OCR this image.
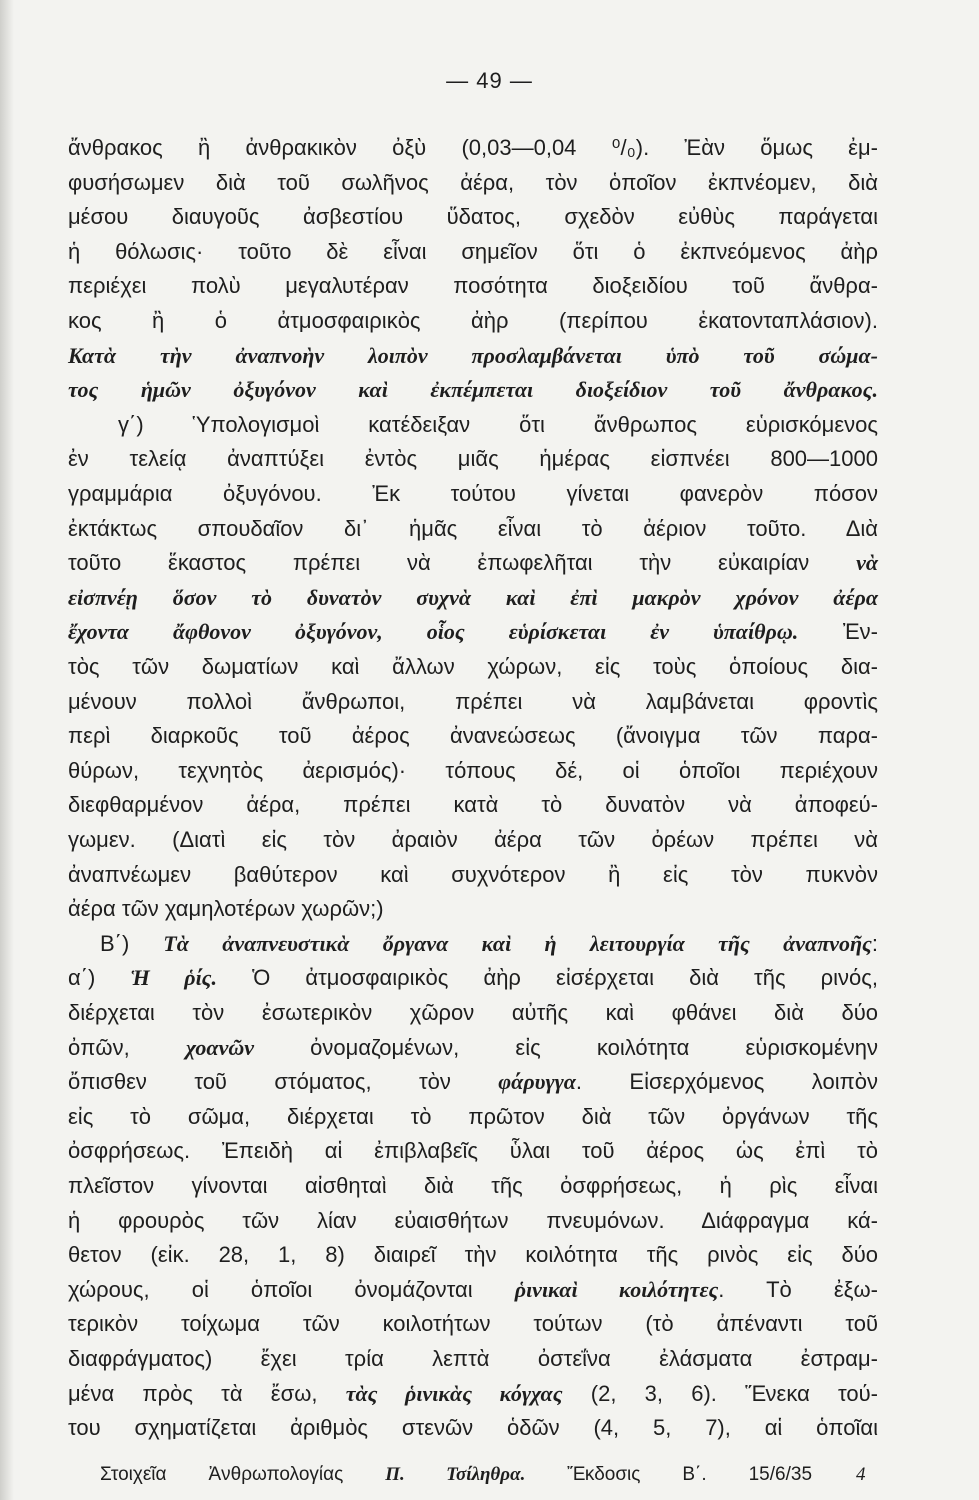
— 49 —
ἄνθρακος ἢ ἀνθρακικὸν ὀξὺ (0,03—0,04 ⁰/₀). Ἐὰν ὅμως ἐμ-
φυσήσωμεν διὰ τοῦ σωλῆνος ἀέρα, τὸν ὁποῖον ἐκπνέομεν, διὰ
μέσου διαυγοῦς ἀσβεστίου ὕδατος, σχεδὸν εὐθὺς παράγεται
ἡ θόλωσις· τοῦτο δὲ εἶναι σημεῖον ὅτι ὁ ἐκπνεόμενος ἀὴρ
περιέχει πολὺ μεγαλυτέραν ποσότητα διοξειδίου τοῦ ἄνθρα-
κος ἢ ὁ ἀτμοσφαιρικὸς ἀὴρ (περίπου ἑκατονταπλάσιον).
Κατὰ τὴν ἀναπνοὴν λοιπὸν προσλαμβάνεται ὑπὸ τοῦ σώμα-
τος ἡμῶν ὀξυγόνον καὶ ἐκπέμπεται διοξείδιον τοῦ ἄνθρακος.
γ΄) Ὑπολογισμοὶ κατέδειξαν ὅτι ἄνθρωπος εὑρισκόμενος
ἐν τελείᾳ ἀναπτύξει ἐντὸς μιᾶς ἡμέρας εἰσπνέει 800—1000
γραμμάρια ὀξυγόνου. Ἐκ τούτου γίνεται φανερὸν πόσον
ἐκτάκτως σπουδαῖον δι᾽ ἡμᾶς εἶναι τὸ ἀέριον τοῦτο. Διὰ
τοῦτο ἕκαστος πρέπει νὰ ἐπωφελῆται τὴν εὐκαιρίαν νὰ
εἰσπνέῃ ὅσον τὸ δυνατὸν συχνὰ καὶ ἐπὶ μακρὸν χρόνον ἀέρα
ἔχοντα ἄφθονον ὀξυγόνον, οἷος εὑρίσκεται ἐν ὑπαίθρῳ. Ἐν-
τὸς τῶν δωματίων καὶ ἄλλων χώρων, εἰς τοὺς ὁποίους δια-
μένουν πολλοὶ ἄνθρωποι, πρέπει νὰ λαμβάνεται φροντὶς
περὶ διαρκοῦς τοῦ ἀέρος ἀνανεώσεως (ἄνοιγμα τῶν παρα-
θύρων, τεχνητὸς ἀερισμός)· τόπους δέ, οἱ ὁποῖοι περιέχουν
διεφθαρμένον ἀέρα, πρέπει κατὰ τὸ δυνατὸν νὰ ἀποφεύ-
γωμεν. (Διατὶ εἰς τὸν ἀραιὸν ἀέρα τῶν ὀρέων πρέπει νὰ
ἀναπνέωμεν βαθύτερον καὶ συχνότερον ἢ εἰς τὸν πυκνὸν
ἀέρα τῶν χαμηλοτέρων χωρῶν;)
Β΄) Τὰ ἀναπνευστικὰ ὄργανα καὶ ἡ λειτουργία τῆς ἀναπνοῆς:
α΄) Ἡ ῥίς. Ὁ ἀτμοσφαιρικὸς ἀὴρ εἰσέρχεται διὰ τῆς ρινός,
διέρχεται τὸν ἐσωτερικὸν χῶρον αὐτῆς καὶ φθάνει διὰ δύο
ὀπῶν, χοανῶν ὀνομαζομένων, εἰς κοιλότητα εὑρισκομένην
ὄπισθεν τοῦ στόματος, τὸν φάρυγγα. Εἰσερχόμενος λοιπὸν
εἰς τὸ σῶμα, διέρχεται τὸ πρῶτον διὰ τῶν ὀργάνων τῆς
ὀσφρήσεως. Ἐπειδὴ αἱ ἐπιβλαβεῖς ὗλαι τοῦ ἀέρος ὡς ἐπὶ τὸ
πλεῖστον γίνονται αἰσθηταὶ διὰ τῆς ὀσφρήσεως, ἡ ρὶς εἶναι
ἡ φρουρὸς τῶν λίαν εὐαισθήτων πνευμόνων. Διάφραγμα κά-
θετον (εἰκ. 28, 1, 8) διαιρεῖ τὴν κοιλότητα τῆς ρινὸς εἰς δύο
χώρους, οἱ ὁποῖοι ὀνομάζονται ῥινικαὶ κοιλότητες. Τὸ ἐξω-
τερικὸν τοίχωμα τῶν κοιλοτήτων τούτων (τὸ ἀπέναντι τοῦ
διαφράγματος) ἔχει τρία λεπτὰ ὀστεΐνα ἐλάσματα ἐστραμ-
μένα πρὸς τὰ ἔσω, τὰς ῥινικὰς κόγχας (2, 3, 6). Ἕνεκα τού-
του σχηματίζεται ἀριθμὸς στενῶν ὁδῶν (4, 5, 7), αἱ ὁποῖαι
Στοιχεῖα Ἀνθρωπολογίας Π. Τσίληθρα. Ἔκδοσις Β΄. 15/6/35 4
